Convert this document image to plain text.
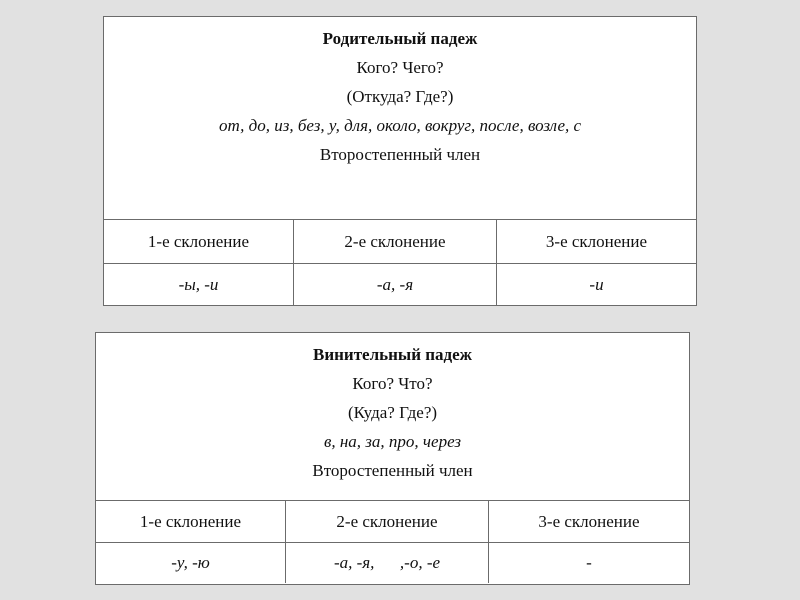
Родительный падеж
Кого? Чего?
(Откуда? Где?)
от, до, из, без, у, для, около, вокруг, после, возле, с
Второстепенный член
1-е склонение	2-е склонение	3-е склонение
-ы, -и	-а, -я	-и
Винительный падеж
Кого? Что?
(Куда? Где?)
в, на, за, про, через
Второстепенный член
1-е склонение	2-е склонение	3-е склонение
-у, -ю	-а, -я,      ,-о, -е	-
